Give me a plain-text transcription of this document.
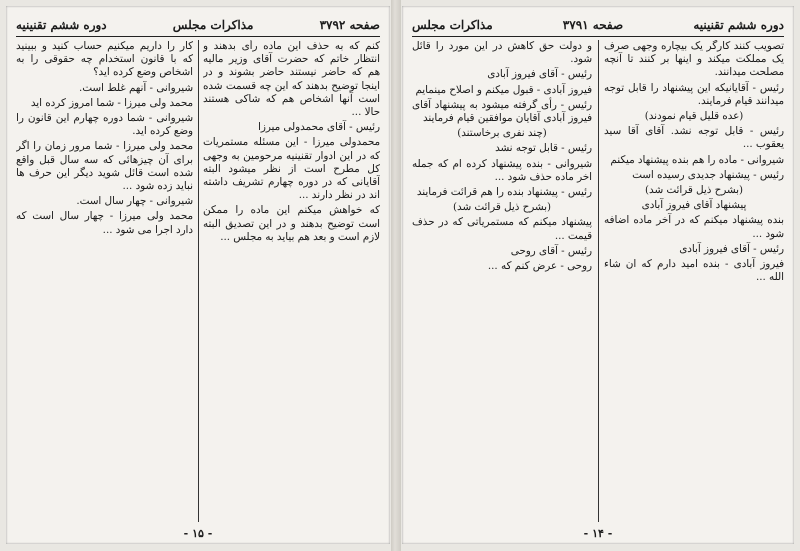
صفحه ۳۷۹۲
مذاکرات مجلس
دوره ششم تقنینیه

کنم که به حذف این ماده رأی بدهند و انتظار خاتم که حضرت آقای وزیر مالیه هم که حاضر نیستند حاضر بشوند و در اینجا توضیح بدهند که این چه قسمت شده است آنها اشخاص هم که شاکی هستند حالا ...

رئیس - آقای محمدولی میرزا

محمدولی میرزا - این مسئله مستمریات که در این ادوار تقنینیه مرحومین به وجهی کل مطرح است از نظر میشود البته آقایانی که در دوره چهارم تشریف داشته اند در نظر دارند ...

که خواهش میکنم این ماده را ممکن است توضیح بدهند و در این تصدیق البته لازم است و بعد هم بیاید به مجلس ...

کار را داریم میکنیم حساب کنید و ببینید که با قانون استخدام چه حقوقی را به اشخاص وضع کرده اید؟

شیروانی - آنهم غلط است.

محمد ولی میرزا - شما امروز کرده اید

شیروانی - شما دوره چهارم این قانون را وضع کرده اید.

محمد ولی میرزا - شما مرور زمان را اگر برای آن چیزهائی که سه سال قبل واقع شده است قائل شوید دیگر این حرف ها نباید زده شود ...

شیروانی - چهار سال است.

محمد ولی میرزا - چهار سال است که دارد اجرا می شود ...

- ۱۵ -
دوره ششم تقنینیه
صفحه ۳۷۹۱
مذاکرات مجلس

تصویب کنند کارگر یک بیچاره وجهی صرف یک مملکت میکند و اینها بر کنند تا آنچه مصلحت میدانند.

رئیس - آقایانیکه این پیشنهاد را قابل توجه میدانند قیام فرمایند.

(عده قلیل قیام نمودند)

رئیس - قابل توجه نشد. آقای آقا سید یعقوب ...

شیروانی - ماده را هم بنده پیشنهاد میکنم

رئیس - پیشنهاد جدیدی رسیده است

(بشرح ذیل قرائت شد)

پیشنهاد آقای فیروز آبادی

بنده پیشنهاد میکنم که در آخر ماده اضافه شود ...

رئیس - آقای فیروز آبادی

فیروز آبادی - بنده امید دارم که ان شاء الله ...

و دولت حق کاهش در این مورد را قائل شود.

رئیس - آقای فیروز آبادی

فیروز آبادی - قبول میکنم و اصلاح مینمایم

رئیس - رأی گرفته میشود به پیشنهاد آقای فیروز آبادی آقایان موافقین قیام فرمایند

(چند نفری برخاستند)

رئیس - قابل توجه نشد

شیروانی - بنده پیشنهاد کرده ام که جمله اخر ماده حذف شود ...

رئیس - پیشنهاد بنده را هم قرائت فرمایند

(بشرح ذیل قرائت شد)

پیشنهاد میکنم که مستمریاتی که در حذف قیمت ...

رئیس - آقای روحی

روحی - عرض کنم که ...

- ۱۴ -
